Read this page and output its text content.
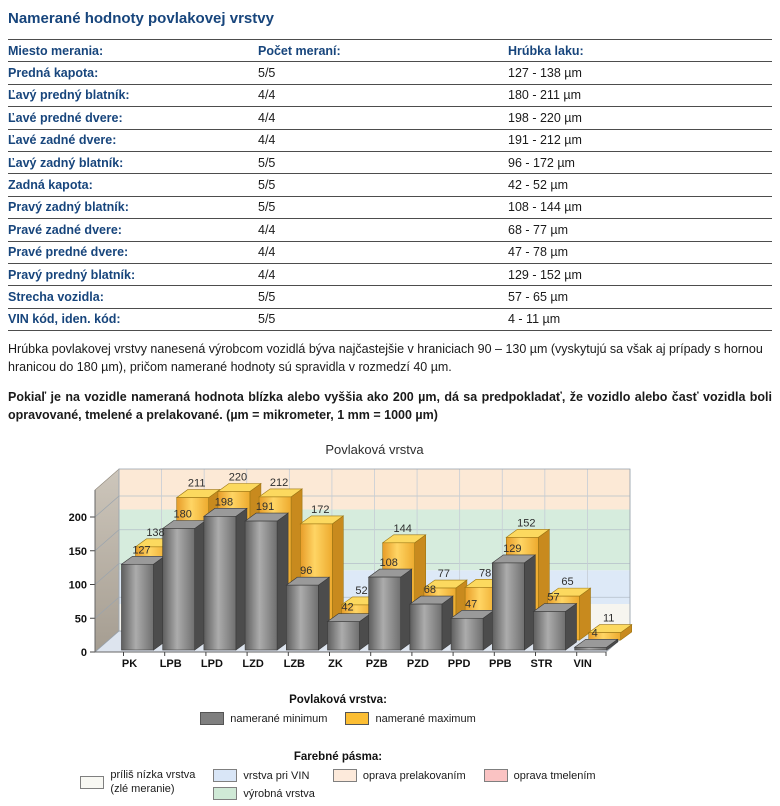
Namerané hodnoty povlakovej vrstvy
Miesto merania:	Počet meraní:	Hrúbka laku:
Predná kapota:	5/5	127 - 138 µm
Ľavý predný blatník:	4/4	180 - 211 µm
Ľavé predné dvere:	4/4	198 - 220 µm
Ľavé zadné dvere:	4/4	191 - 212 µm
Ľavý zadný blatník:	5/5	96 - 172 µm
Zadná kapota:	5/5	42 - 52 µm
Pravý zadný blatník:	5/5	108 - 144 µm
Pravé zadné dvere:	4/4	68 - 77 µm
Pravé predné dvere:	4/4	47 - 78 µm
Pravý predný blatník:	4/4	129 - 152 µm
Strecha vozidla:	5/5	57 - 65 µm
VIN kód, iden. kód:	5/5	4 - 11 µm

Hrúbka povlakovej vrstvy nanesená výrobcom vozidlá býva najčastejšie v hraniciach 90 – 130 µm (vyskytujú sa však aj prípady s hornou hranicou do 180 µm), pričom namerané hodnoty sú spravidla v rozmedzí 40 µm.

Pokiaľ je na vozidle nameraná hodnota blízka alebo vyššia ako 200 µm, dá sa predpokladať, že vozidlo alebo časť vozidla boli opravované, tmelené a prelakované. (µm = mikrometer, 1 mm = 1000 µm)

0
50
100
150
200
127
138
180
211
198
220
191
212
96
172
42
52
108
144
68
77
47
78
129
152
57
65
4
11
PK LPB LPD LZD LZB ZK PZB PZD PPD PPB STR VIN
Povlaková vrstva
Povlaková vrstva:
namerané minimum	namerané maximum
Farebné pásma:
príliš nízka vrstva
(zlé meranie)
vrstva pri VIN
výrobná vrstva
oprava prelakovaním	oprava tmelením
